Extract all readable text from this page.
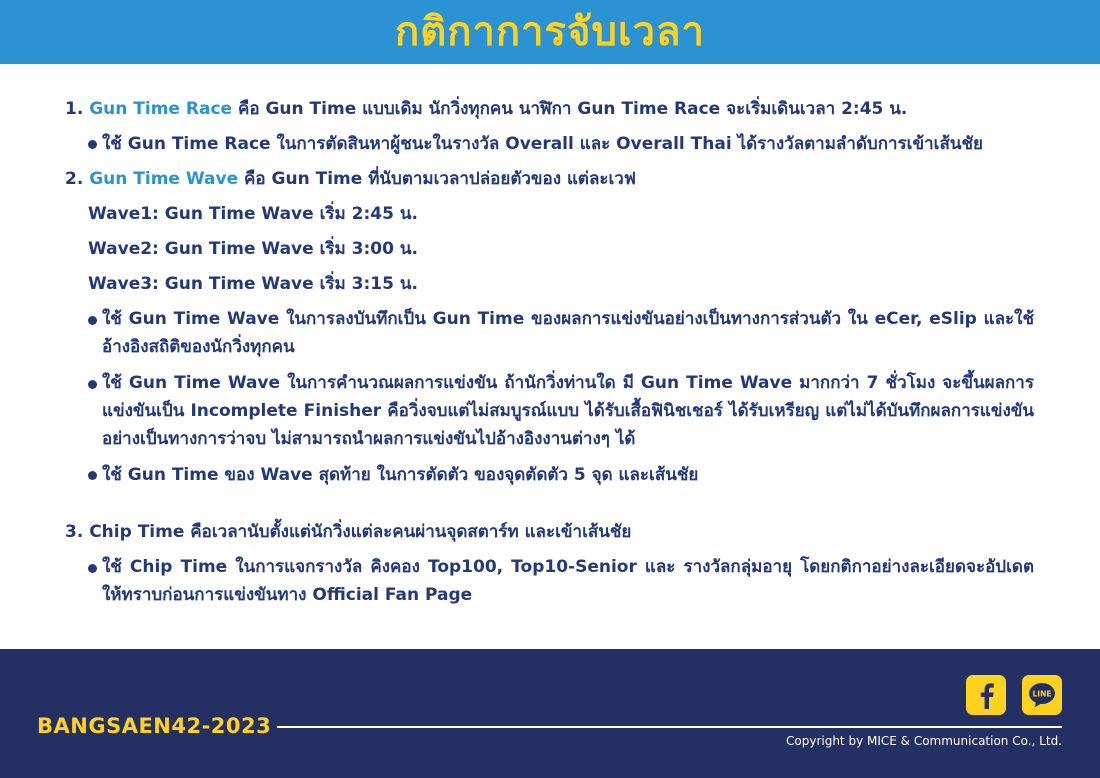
กติกาการจับเวลา
1. Gun Time Race คือ Gun Time แบบเดิม นักวิ่งทุกคน นาฬิกา Gun Time Race จะเริ่มเดินเวลา 2:45 น.
ใช้ Gun Time Race ในการตัดสินหาผู้ชนะในรางวัล Overall และ Overall Thai ได้รางวัลตามลำดับการเข้าเส้นชัย
2. Gun Time Wave คือ Gun Time ที่นับตามเวลาปล่อยตัวของ แต่ละเวฟ
Wave1: Gun Time Wave เริ่ม 2:45 น.
Wave2: Gun Time Wave เริ่ม 3:00 น.
Wave3: Gun Time Wave เริ่ม 3:15 น.
ใช้ Gun Time Wave ในการลงบันทึกเป็น Gun Time ของผลการแข่งขันอย่างเป็นทางการส่วนตัว ใน eCer, eSlip และใช้อ้างอิงสถิติของนักวิ่งทุกคน
ใช้ Gun Time Wave ในการคำนวณผลการแข่งขัน ถ้านักวิ่งท่านใด มี Gun Time Wave มากกว่า 7 ชั่วโมง จะขึ้นผลการแข่งขันเป็น Incomplete Finisher คือวิ่งจบแต่ไม่สมบูรณ์แบบ ได้รับเสื้อฟินิชเชอร์ ได้รับเหรียญ แต่ไม่ได้บันทึกผลการแข่งขันอย่างเป็นทางการว่าจบ ไม่สามารถนำผลการแข่งขันไปอ้างอิงงานต่างๆ ได้
ใช้ Gun Time ของ Wave สุดท้าย ในการตัดตัว ของจุดตัดตัว 5 จุด และเส้นชัย
3. Chip Time คือเวลานับตั้งแต่นักวิ่งแต่ละคนผ่านจุดสตาร์ท และเข้าเส้นชัย
ใช้ Chip Time ในการแจกรางวัล คิงคอง Top100, Top10-Senior และ รางวัลกลุ่มอายุ โดยกติกาอย่างละเอียดจะอัปเดตให้ทราบก่อนการแข่งขันทาง Official Fan Page
BANGSAEN42-2023
Copyright by MICE & Communication Co., Ltd.
LINE
